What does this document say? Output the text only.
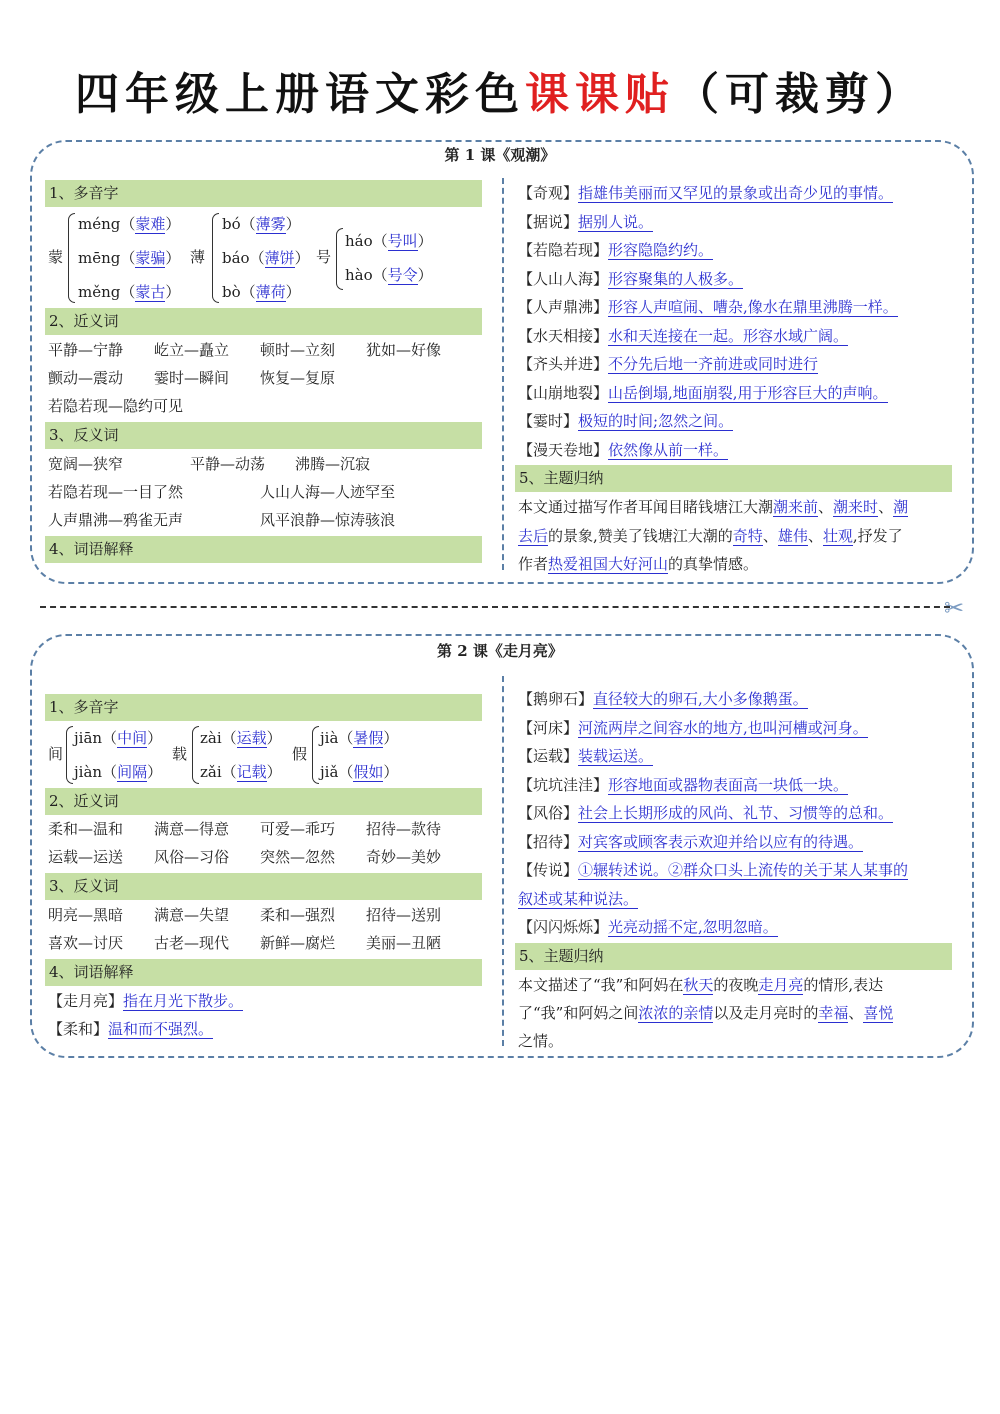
四年级上册语文彩色课课贴（可裁剪）
第 1 课《观潮》
1、多音字
蒙
méng（蒙难）
mēng（蒙骗）
měng（蒙古）
薄
bó（薄雾）
báo（薄饼）
bò（薄荷）
号
háo（号叫）
hào（号令）
2、近义词
平静—宁静 屹立—矗立 顿时—立刻 犹如—好像
颤动—震动 霎时—瞬间 恢复—复原
若隐若现—隐约可见
3、反义词
宽阔—狭窄	平静—动荡 沸腾—沉寂
若隐若现—一目了然	人山人海—人迹罕至
人声鼎沸—鸦雀无声	风平浪静—惊涛骇浪
4、词语解释
【奇观】指雄伟美丽而又罕见的景象或出奇少见的事情。
【据说】据别人说。
【若隐若现】形容隐隐约约。
【人山人海】形容聚集的人极多。
【人声鼎沸】形容人声喧闹、嘈杂,像水在鼎里沸腾一样。
【水天相接】水和天连接在一起。形容水域广阔。
【齐头并进】不分先后地一齐前进或同时进行
【山崩地裂】山岳倒塌,地面崩裂,用于形容巨大的声响。
【霎时】极短的时间;忽然之间。
【漫天卷地】依然像从前一样。
5、主题归纳
本文通过描写作者耳闻目睹钱塘江大潮潮来前、潮来时、潮
去后的景象,赞美了钱塘江大潮的奇特、雄伟、壮观,抒发了
作者热爱祖国大好河山的真挚情感。
✂
第 2 课《走月亮》
1、多音字
间
jiān（中间）
jiàn（间隔）
载
zài（运载）
zǎi（记载）
假
jià（暑假）
jiǎ（假如）
2、近义词
柔和—温和 满意—得意 可爱—乖巧 招待—款待
运载—运送 风俗—习俗 突然—忽然 奇妙—美妙
3、反义词
明亮—黑暗 满意—失望 柔和—强烈 招待—送别
喜欢—讨厌 古老—现代 新鲜—腐烂 美丽—丑陋
4、词语解释
【走月亮】指在月光下散步。
【柔和】温和而不强烈。
【鹅卵石】直径较大的卵石,大小多像鹅蛋。
【河床】河流两岸之间容水的地方,也叫河槽或河身。
【运载】装载运送。
【坑坑洼洼】形容地面或器物表面高一块低一块。
【风俗】社会上长期形成的风尚、礼节、习惯等的总和。
【招待】对宾客或顾客表示欢迎并给以应有的待遇。
【传说】①辗转述说。②群众口头上流传的关于某人某事的
叙述或某种说法。
【闪闪烁烁】光亮动摇不定,忽明忽暗。
5、主题归纳
本文描述了“我”和阿妈在秋天的夜晚走月亮的情形,表达
了“我”和阿妈之间浓浓的亲情以及走月亮时的幸福、喜悦
之情。
